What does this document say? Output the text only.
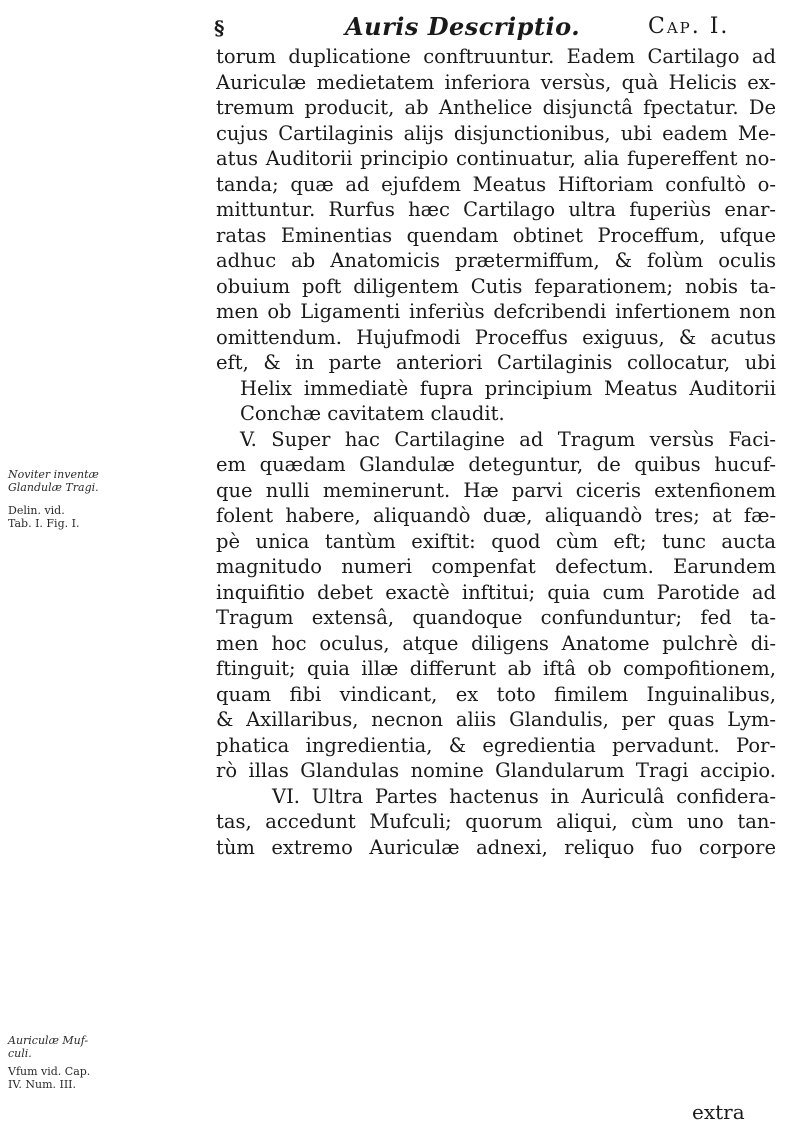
§	Auris Descriptio.	Cap. I.
torum duplicatione conftruuntur. Eadem Cartilago ad
Auriculæ medietatem inferiora versùs, quà Helicis ex-
tremum producit, ab Anthelice disjunctâ fpectatur. De
cujus Cartilaginis alijs disjunctionibus, ubi eadem Me-
atus Auditorii principio continuatur, alia fupereffent no-
tanda; quæ ad ejufdem Meatus Hiftoriam confultò o-
mittuntur. Rurfus hæc Cartilago ultra fuperiùs enar-
ratas Eminentias quendam obtinet Proceffum, ufque
adhuc ab Anatomicis prætermiffum, & folùm oculis
obuium poft diligentem Cutis feparationem; nobis ta-
men ob Ligamenti inferiùs defcribendi infertionem non
omittendum. Hujufmodi Proceffus exiguus, & acutus
eft, & in parte anteriori Cartilaginis collocatur, ubi
Helix immediatè fupra principium Meatus Auditorii
Conchæ cavitatem claudit.
V. Super hac Cartilagine ad Tragum versùs Faci-
em quædam Glandulæ deteguntur, de quibus hucuf-
que nulli meminerunt. Hæ parvi ciceris extenfionem
folent habere, aliquandò duæ, aliquandò tres; at fæ-
pè unica tantùm exiftit: quod cùm eft; tunc aucta
magnitudo numeri compenfat defectum. Earundem
inquifitio debet exactè inftitui; quia cum Parotide ad
Tragum extensâ, quandoque confunduntur; fed ta-
men hoc oculus, atque diligens Anatome pulchrè di-
ftinguit; quia illæ differunt ab iftâ ob compofitionem,
quam fibi vindicant, ex toto fimilem Inguinalibus,
& Axillaribus, necnon aliis Glandulis, per quas Lym-
phatica ingredientia, & egredientia pervadunt. Por-
rò illas Glandulas nomine Glandularum Tragi accipio.
VI. Ultra Partes hactenus in Auriculâ confidera-
tas, accedunt Mufculi; quorum aliqui, cùm uno tan-
tùm extremo Auriculæ adnexi, reliquo fuo corpore
extra
Noviter inventæ
Glandulæ Tragi.
Delin. vid.
Tab. I. Fig. I.
Auriculæ Muf-
culi.
Vfum vid. Cap.
IV. Num. III.
